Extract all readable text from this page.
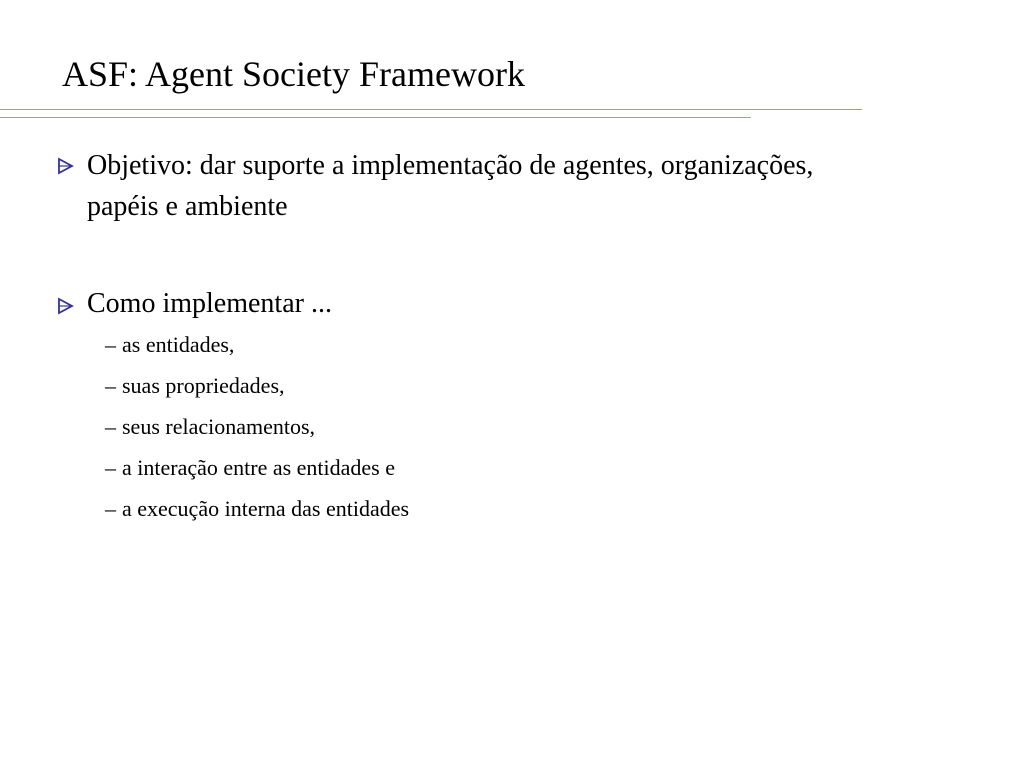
ASF: Agent Society Framework
Objetivo: dar suporte a implementação de agentes, organizações, papéis e ambiente
Como implementar ...
– as entidades,
– suas propriedades,
– seus relacionamentos,
– a interação entre as entidades e
– a execução interna das entidades
